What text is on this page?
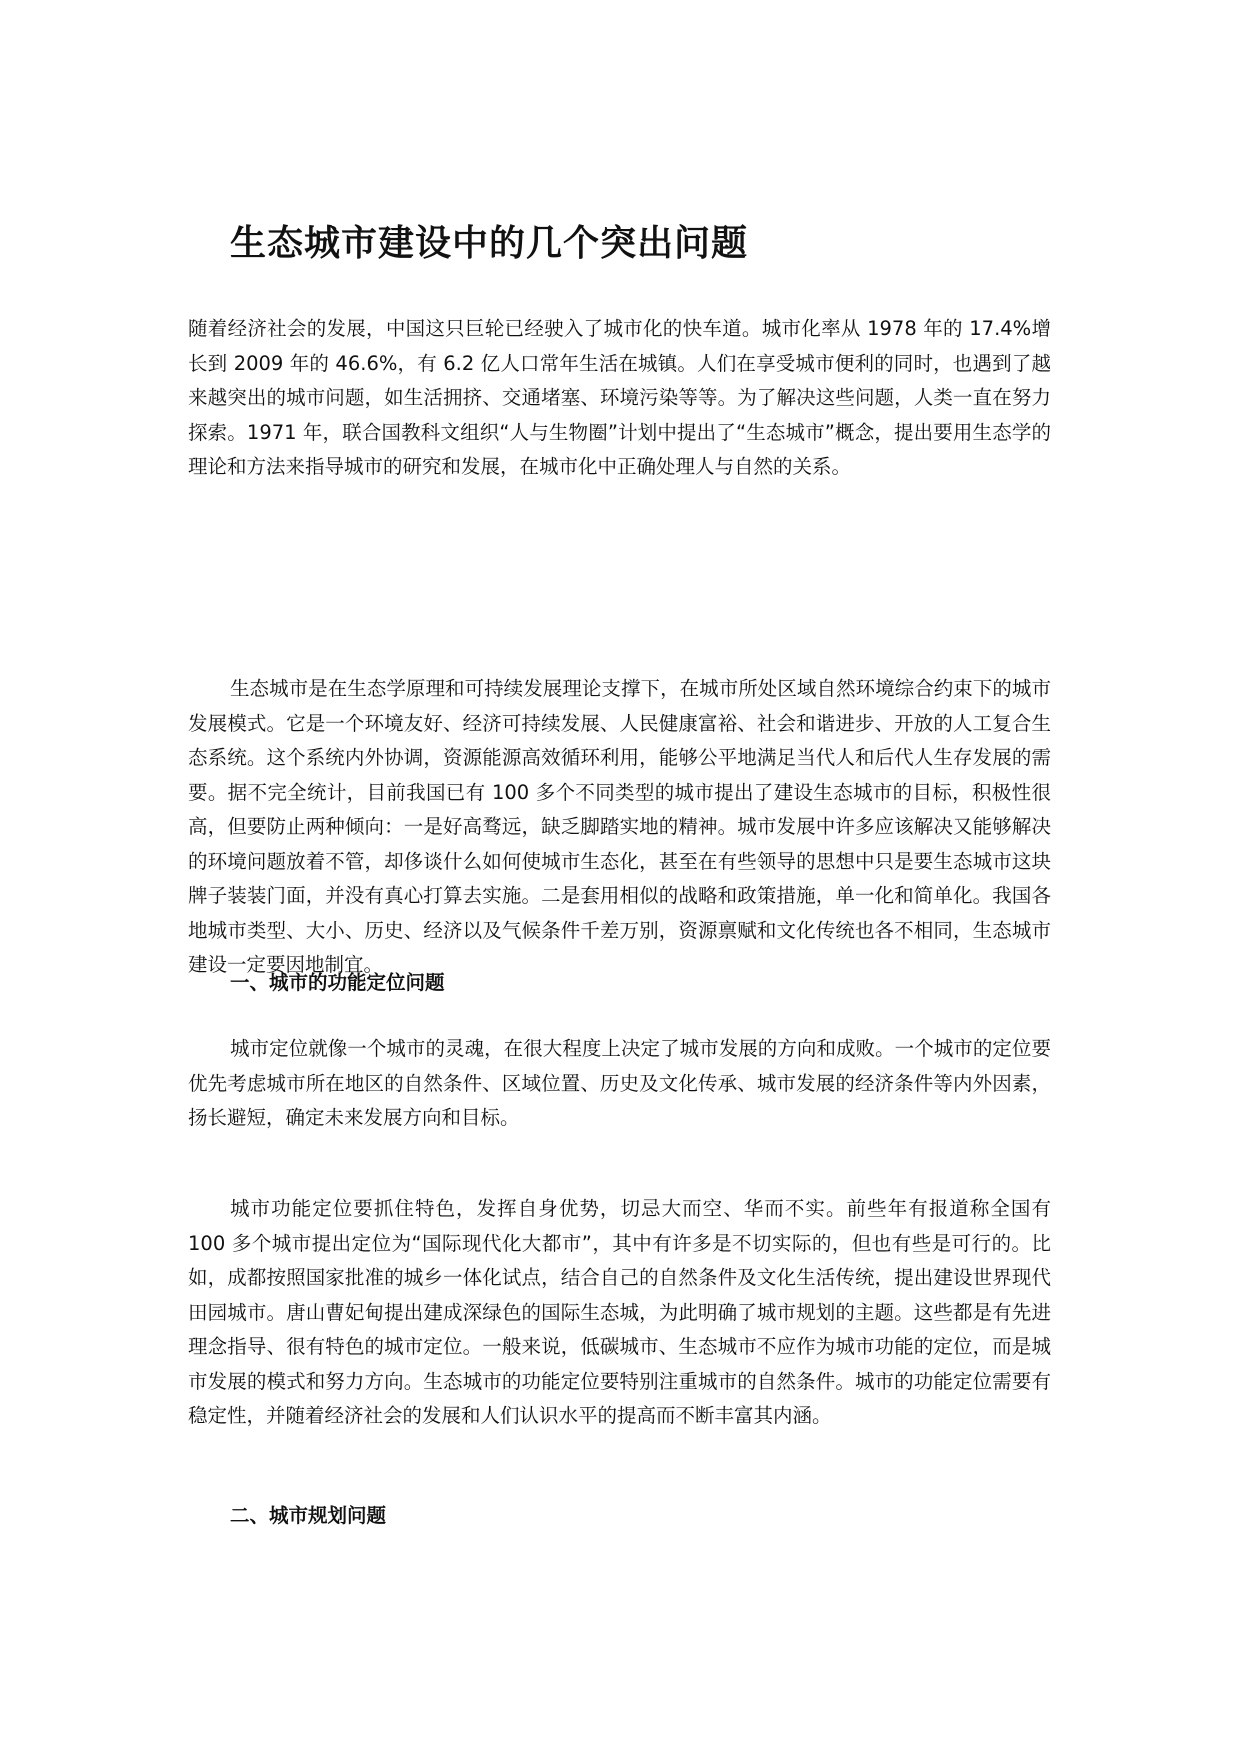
生态城市建设中的几个突出问题

随着经济社会的发展，中国这只巨轮已经驶入了城市化的快车道。城市化率从 1978 年的 17.4%增长到 2009 年的 46.6%，有 6.2 亿人口常年生活在城镇。人们在享受城市便利的同时，也遇到了越来越突出的城市问题，如生活拥挤、交通堵塞、环境污染等等。为了解决这些问题，人类一直在努力探索。1971 年，联合国教科文组织“人与生物圈”计划中提出了“生态城市”概念，提出要用生态学的理论和方法来指导城市的研究和发展，在城市化中正确处理人与自然的关系。

生态城市是在生态学原理和可持续发展理论支撑下，在城市所处区域自然环境综合约束下的城市发展模式。它是一个环境友好、经济可持续发展、人民健康富裕、社会和谐进步、开放的人工复合生态系统。这个系统内外协调，资源能源高效循环利用，能够公平地满足当代人和后代人生存发展的需要。据不完全统计，目前我国已有 100 多个不同类型的城市提出了建设生态城市的目标，积极性很高，但要防止两种倾向：一是好高骛远，缺乏脚踏实地的精神。城市发展中许多应该解决又能够解决的环境问题放着不管，却侈谈什么如何使城市生态化，甚至在有些领导的思想中只是要生态城市这块牌子装装门面，并没有真心打算去实施。二是套用相似的战略和政策措施，单一化和简单化。我国各地城市类型、大小、历史、经济以及气候条件千差万别，资源禀赋和文化传统也各不相同，生态城市建设一定要因地制宜。

一、城市的功能定位问题

城市定位就像一个城市的灵魂，在很大程度上决定了城市发展的方向和成败。一个城市的定位要优先考虑城市所在地区的自然条件、区域位置、历史及文化传承、城市发展的经济条件等内外因素，扬长避短，确定未来发展方向和目标。

城市功能定位要抓住特色，发挥自身优势，切忌大而空、华而不实。前些年有报道称全国有 100 多个城市提出定位为“国际现代化大都市”，其中有许多是不切实际的，但也有些是可行的。比如，成都按照国家批准的城乡一体化试点，结合自己的自然条件及文化生活传统，提出建设世界现代田园城市。唐山曹妃甸提出建成深绿色的国际生态城，为此明确了城市规划的主题。这些都是有先进理念指导、很有特色的城市定位。一般来说，低碳城市、生态城市不应作为城市功能的定位，而是城市发展的模式和努力方向。生态城市的功能定位要特别注重城市的自然条件。城市的功能定位需要有稳定性，并随着经济社会的发展和人们认识水平的提高而不断丰富其内涵。

二、城市规划问题
